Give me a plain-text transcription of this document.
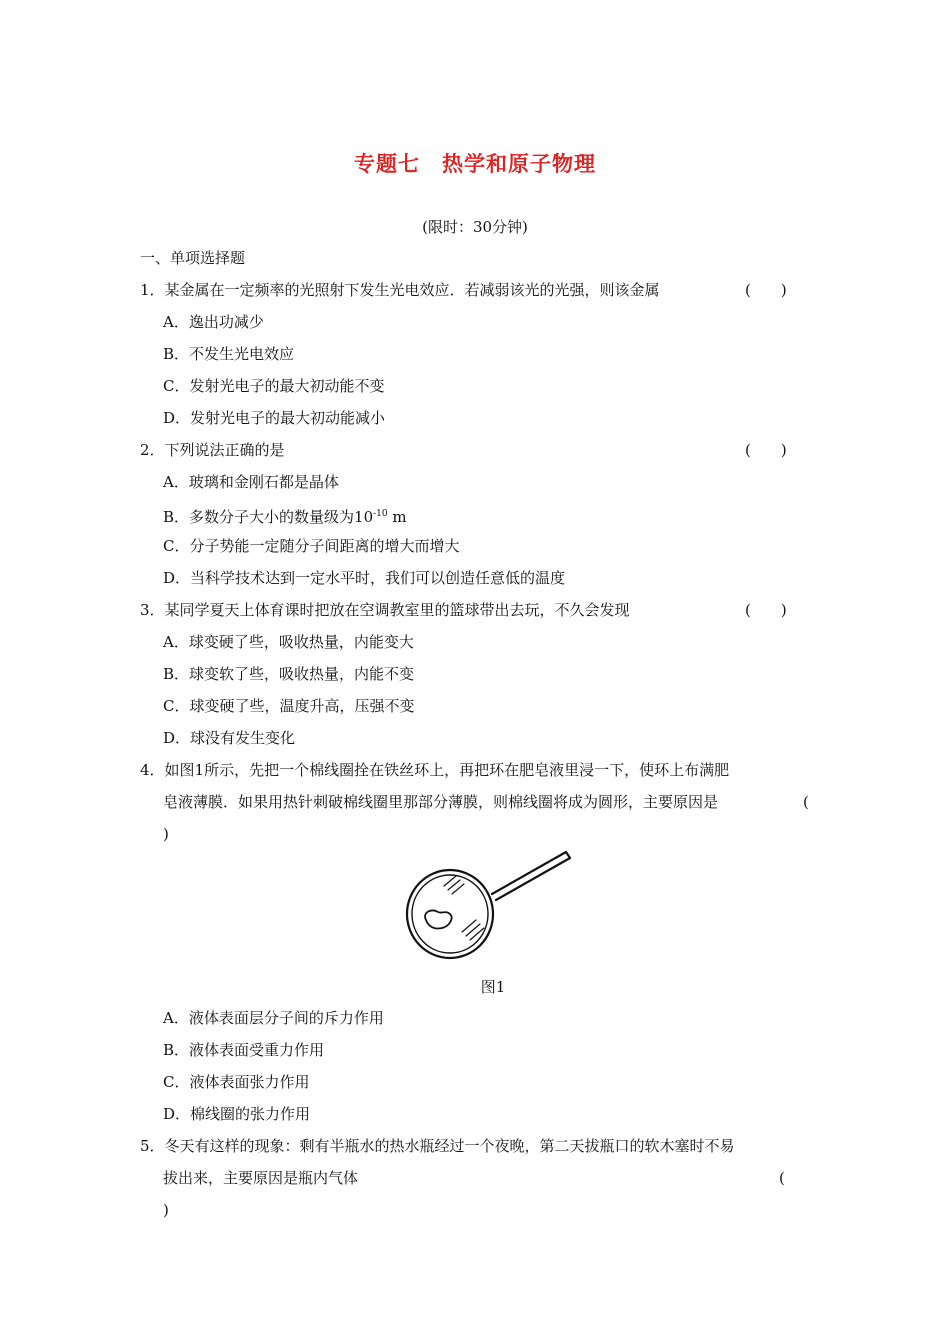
专题七　热学和原子物理
(限时：30分钟)
一、单项选择题
1．某金属在一定频率的光照射下发生光电效应．若减弱该光的光强，则该金属	(　　)
A．逸出功减少
B．不发生光电效应
C．发射光电子的最大初动能不变
D．发射光电子的最大初动能减小
2．下列说法正确的是	(　　)
A．玻璃和金刚石都是晶体
B．多数分子大小的数量级为$10^{-10}$ m
C．分子势能一定随分子间距离的增大而增大
D．当科学技术达到一定水平时，我们可以创造任意低的温度
3．某同学夏天上体育课时把放在空调教室里的篮球带出去玩，不久会发现	(　　)
A．球变硬了些，吸收热量，内能变大
B．球变软了些，吸收热量，内能不变
C．球变硬了些，温度升高，压强不变
D．球没有发生变化
4．如图1所示，先把一个棉线圈拴在铁丝环上，再把环在肥皂液里浸一下，使环上布满肥
皂液薄膜．如果用热针刺破棉线圈里那部分薄膜，则棉线圈将成为圆形，主要原因是	(
)
图1
A．液体表面层分子间的斥力作用
B．液体表面受重力作用
C．液体表面张力作用
D．棉线圈的张力作用
5．冬天有这样的现象：剩有半瓶水的热水瓶经过一个夜晚，第二天拔瓶口的软木塞时不易
拔出来，主要原因是瓶内气体	(
)
